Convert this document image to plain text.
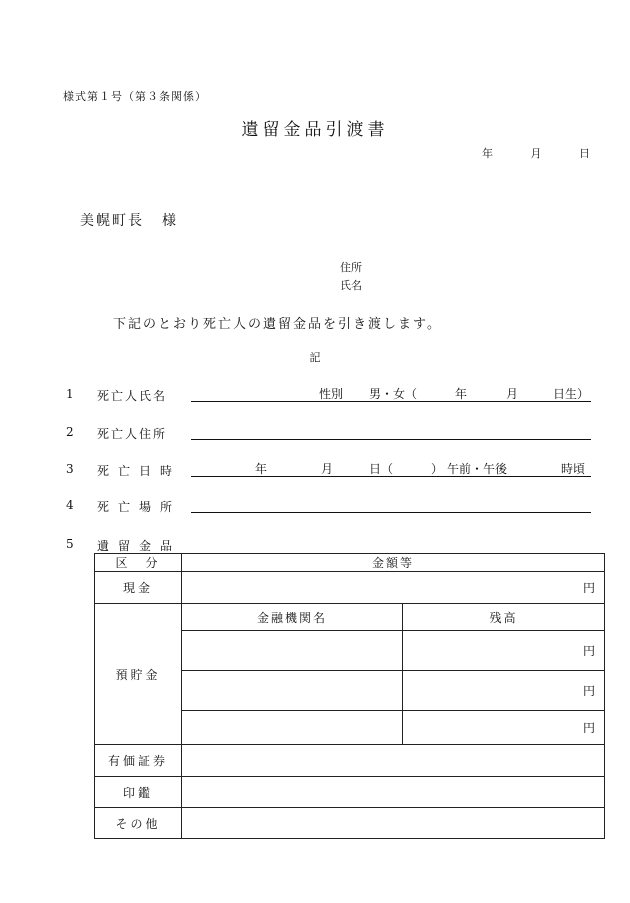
様式第１号（第３条関係）
遺留金品引渡書
年	月	日
美幌町長 様
住所
氏名
下記のとおり死亡人の遺留金品を引き渡します。
記
1 死亡人氏名	性別 男・女（	年	月	日生）
2 死亡人住所
3 死亡日時	年	月	日（	） 午前・午後	時頃
4 死亡場所
5 遺留金品
区　分	金額等	
現金	円	
預貯金	金融機関名	残高
		円
		円
		円
有価証券		
印鑑		
その他		
